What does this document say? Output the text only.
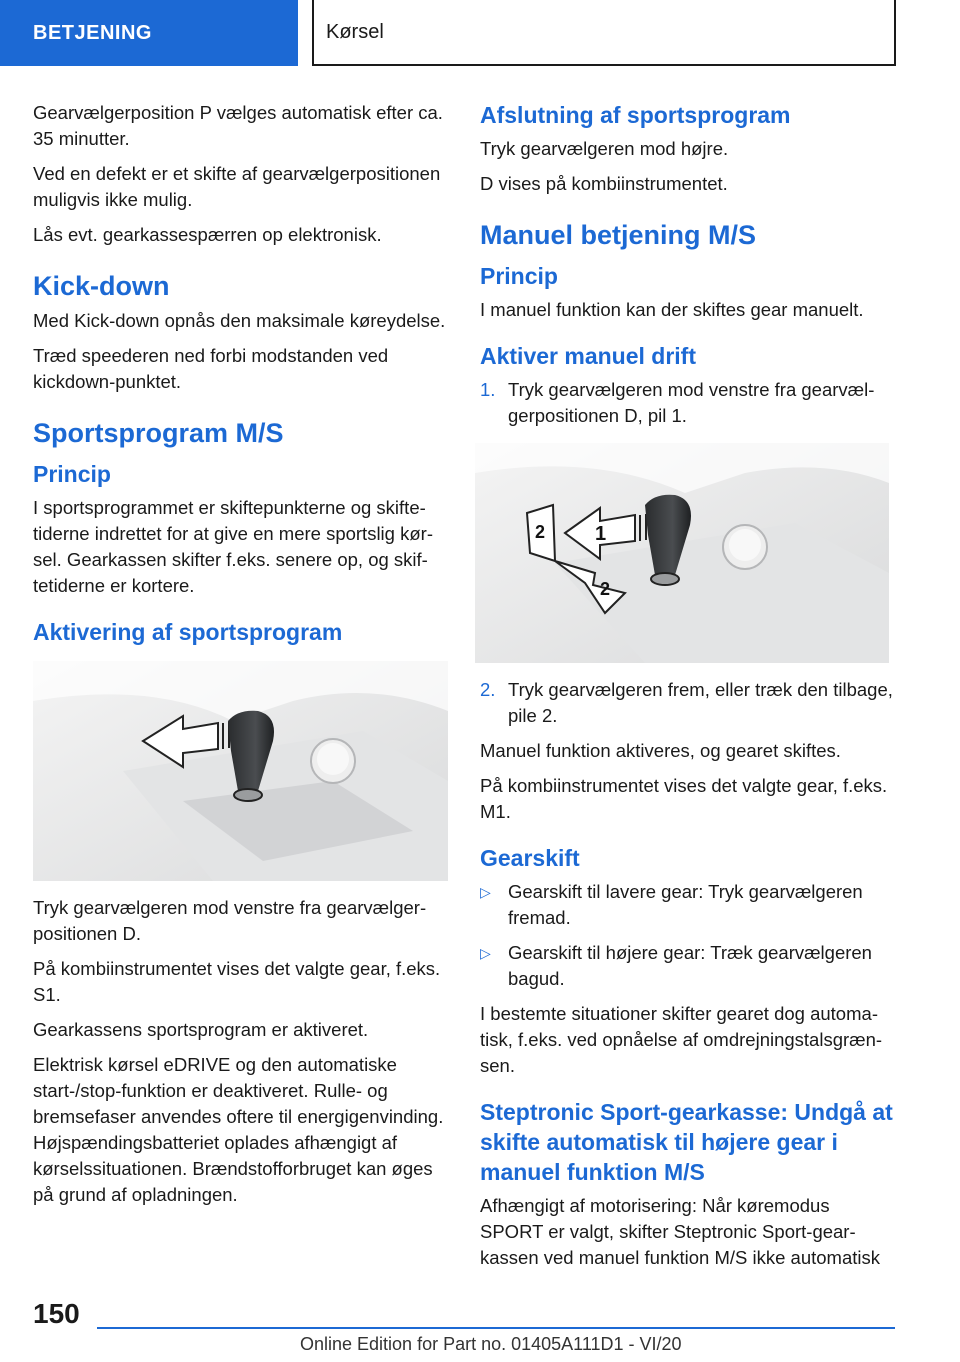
BETJENING	Kørsel

Gearvælgerposition P vælges automatisk efter ca. 35 minutter.

Ved en defekt er et skifte af gearvælgerpositionen muligvis ikke mulig.

Lås evt. gearkassespærren op elektronisk.

Kick-down

Med Kick-down opnås den maksimale køreydelse.

Træd speederen ned forbi modstanden ved kickdown-punktet.

Sportsprogram M/S
Princip

I sportsprogrammet er skiftepunkterne og skiftetiderne indrettet for at give en mere sportslig kørsel. Gearkassen skifter f.eks. senere op, og skiftetiderne er kortere.

Aktivering af sportsprogram

Tryk gearvælgeren mod venstre fra gearvælgerpositionen D.

På kombiinstrumentet vises det valgte gear, f.eks. S1.

Gearkassens sportsprogram er aktiveret.

Elektrisk kørsel eDRIVE og den automatiske start-/stop-funktion er deaktiveret. Rulle- og bremsefaser anvendes oftere til energigenvinding. Højspændingsbatteriet oplades afhængigt af kørselssituationen. Brændstofforbruget kan øges på grund af opladningen.

Afslutning af sportsprogram

Tryk gearvælgeren mod højre.

D vises på kombiinstrumentet.

Manuel betjening M/S
Princip

I manuel funktion kan der skiftes gear manuelt.

Aktiver manuel drift
1. Tryk gearvælgeren mod venstre fra gearvælgerpositionen D, pil 1.
1
2
2
2. Tryk gearvælgeren frem, eller træk den tilbage, pile 2.

Manuel funktion aktiveres, og gearet skiftes.

På kombiinstrumentet vises det valgte gear, f.eks. M1.

Gearskift
▷ Gearskift til lavere gear: Tryk gearvælgeren fremad.
▷ Gearskift til højere gear: Træk gearvælgeren bagud.

I bestemte situationer skifter gearet dog automatisk, f.eks. ved opnåelse af omdrejningstalsgrænsen.

Steptronic Sport-gearkasse: Undgå at skifte automatisk til højere gear i manuel funktion M/S

Afhængigt af motorisering: Når køremodus SPORT er valgt, skifter Steptronic Sport-gearkassen ved manuel funktion M/S ikke automatisk

150
Online Edition for Part no. 01405A111D1 - VI/20
